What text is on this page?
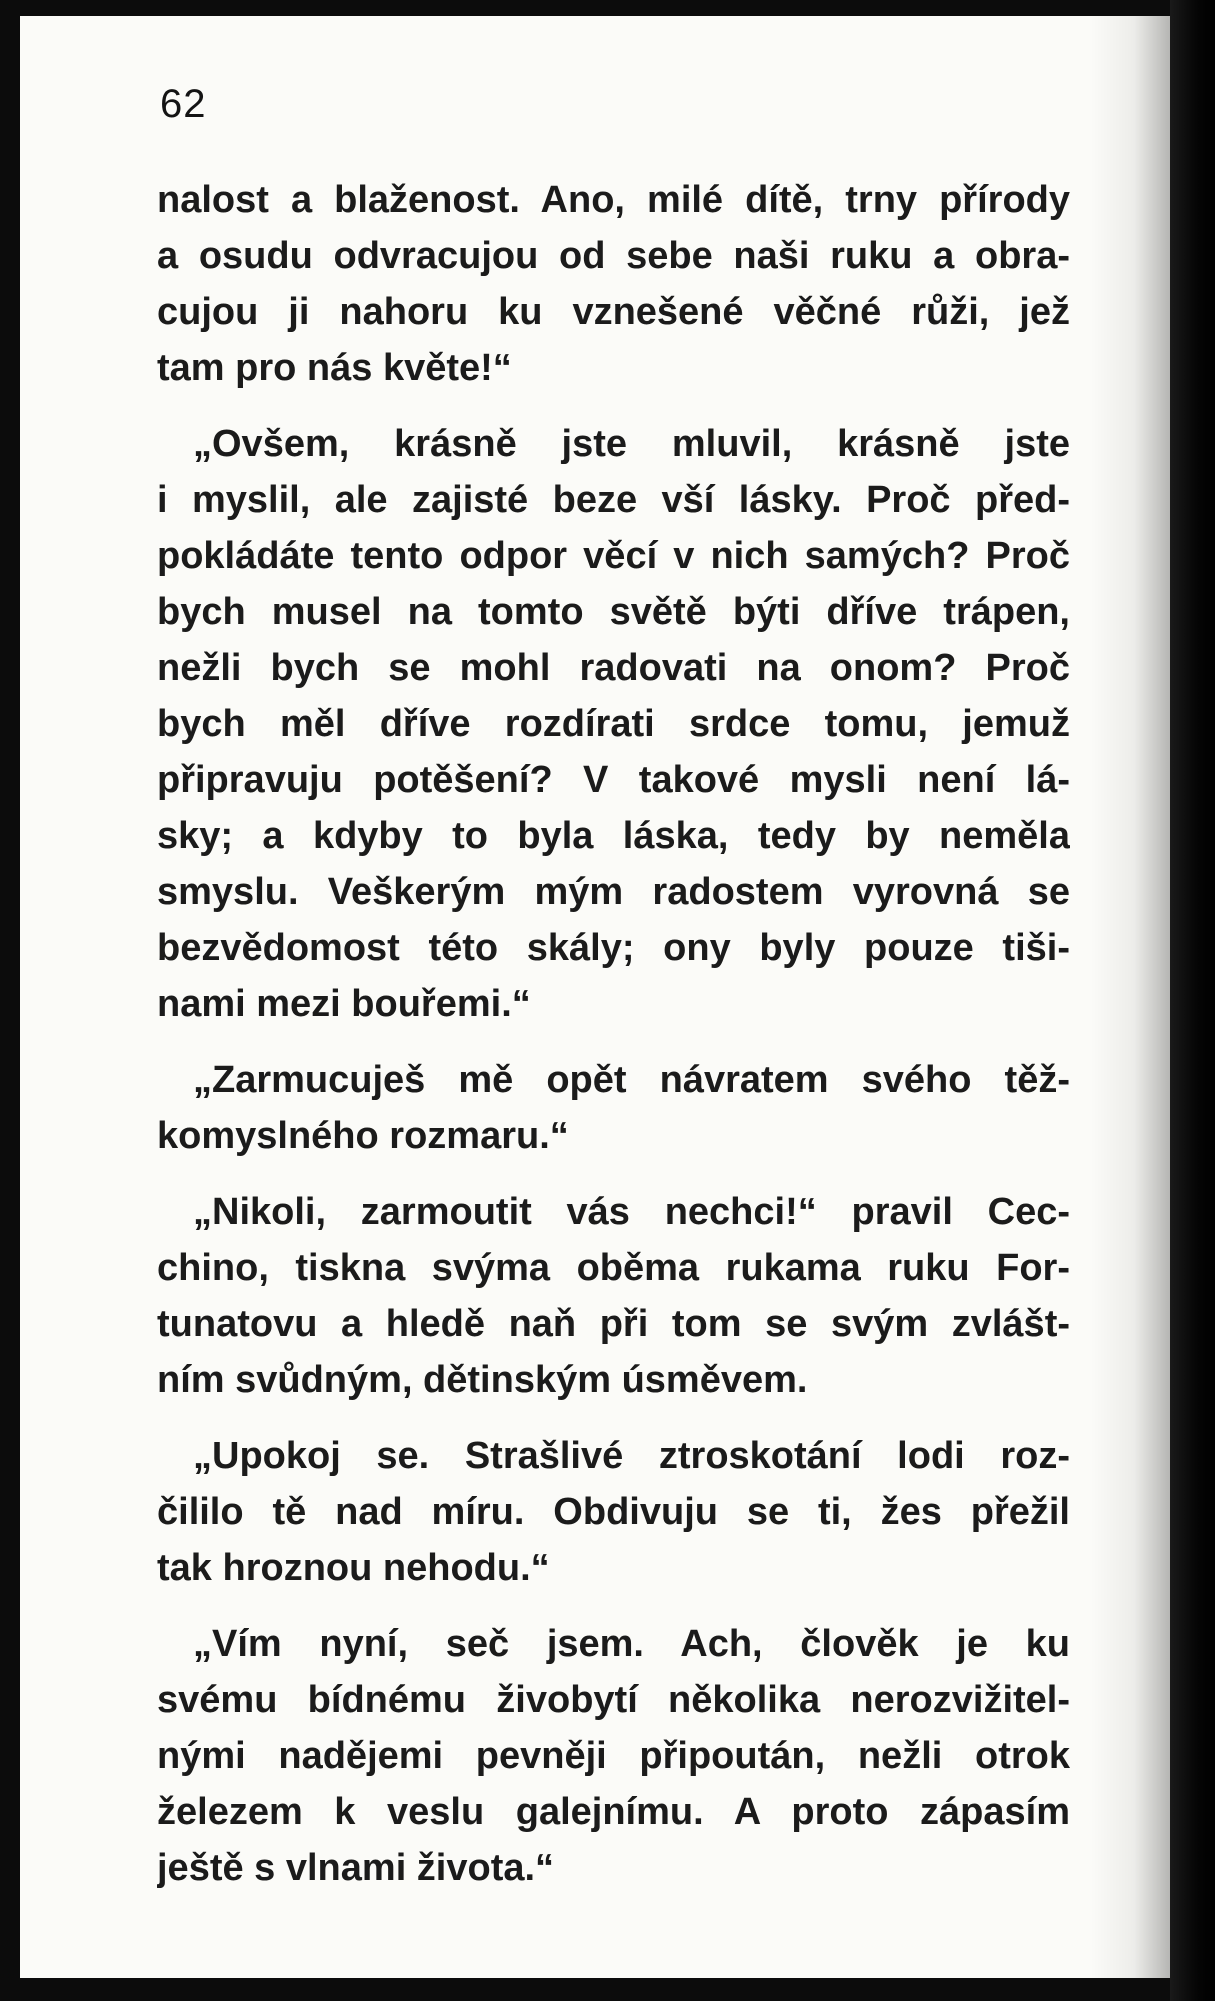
62
nalost a blaženost. Ano, milé dítě, trny přírody
a osudu odvracujou od sebe naši ruku a obra-
cujou ji nahoru ku vznešené věčné růži, jež
tam pro nás květe!“
„Ovšem, krásně jste mluvil, krásně jste
i myslil, ale zajisté beze vší lásky. Proč před-
pokládáte tento odpor věcí v nich samých? Proč
bych musel na tomto světě býti dříve trápen,
nežli bych se mohl radovati na onom? Proč
bych měl dříve rozdírati srdce tomu, jemuž
připravuju potěšení? V takové mysli není lá-
sky; a kdyby to byla láska, tedy by neměla
smyslu. Veškerým mým radostem vyrovná se
bezvědomost této skály; ony byly pouze tiši-
nami mezi bouřemi.“
„Zarmucuješ mě opět návratem svého těž-
komyslného rozmaru.“
„Nikoli, zarmoutit vás nechci!“ pravil Cec-
chino, tiskna svýma oběma rukama ruku For-
tunatovu a hledě naň při tom se svým zvlášt-
ním svůdným, dětinským úsměvem.
„Upokoj se. Strašlivé ztroskotání lodi roz-
čililo tě nad míru. Obdivuju se ti, žes přežil
tak hroznou nehodu.“
„Vím nyní, seč jsem. Ach, člověk je ku
svému bídnému živobytí několika nerozvižitel-
nými nadějemi pevněji připoután, nežli otrok
železem k veslu galejnímu. A proto zápasím
ještě s vlnami života.“
